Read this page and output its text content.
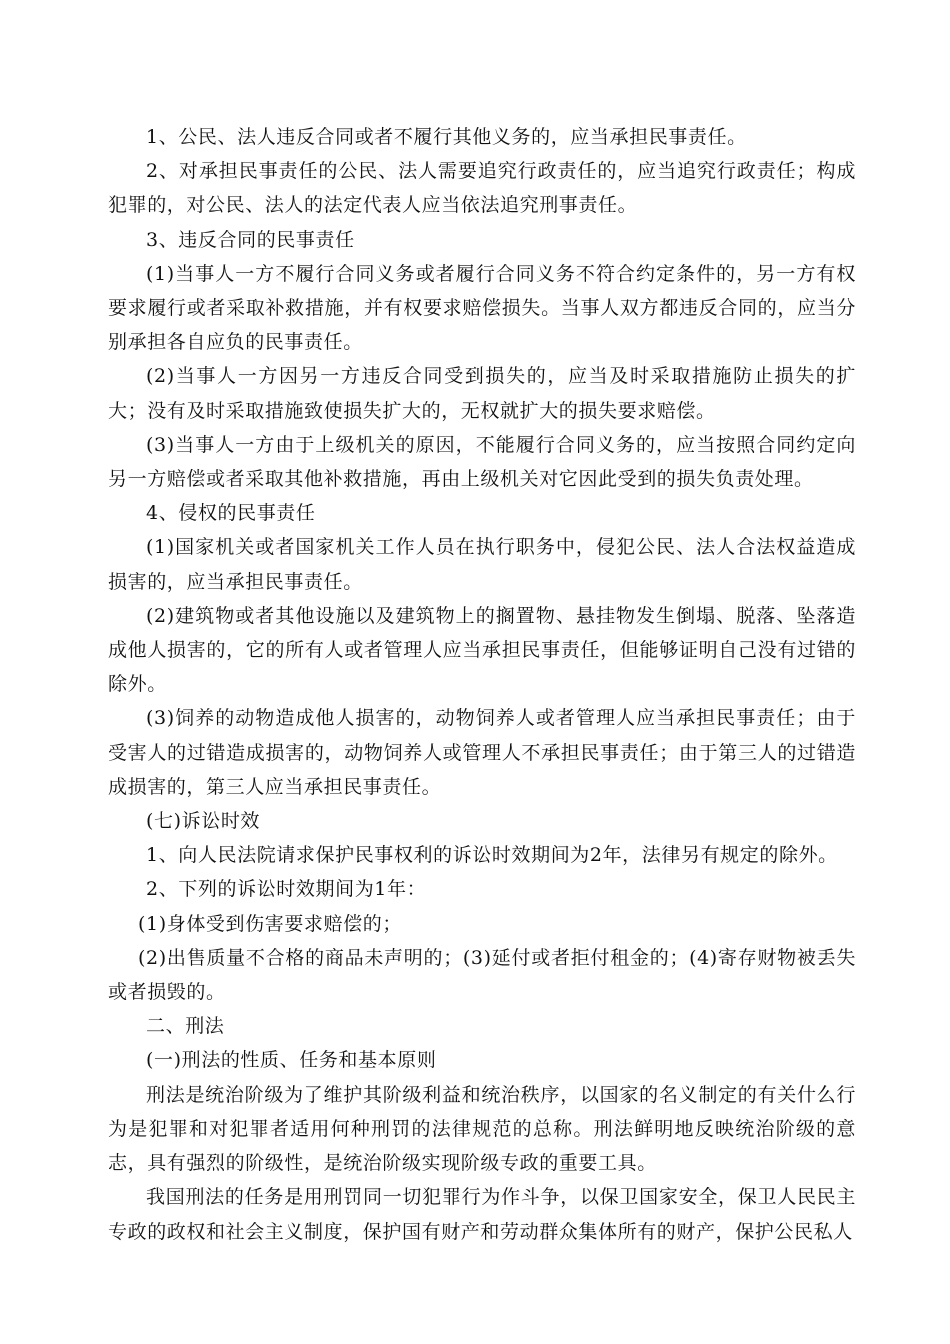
1、公民、法人违反合同或者不履行其他义务的，应当承担民事责任。

2、对承担民事责任的公民、法人需要追究行政责任的，应当追究行政责任；构成犯罪的，对公民、法人的法定代表人应当依法追究刑事责任。

3、违反合同的民事责任

(1)当事人一方不履行合同义务或者履行合同义务不符合约定条件的，另一方有权要求履行或者采取补救措施，并有权要求赔偿损失。当事人双方都违反合同的，应当分别承担各自应负的民事责任。

(2)当事人一方因另一方违反合同受到损失的，应当及时采取措施防止损失的扩大；没有及时采取措施致使损失扩大的，无权就扩大的损失要求赔偿。

(3)当事人一方由于上级机关的原因，不能履行合同义务的，应当按照合同约定向另一方赔偿或者采取其他补救措施，再由上级机关对它因此受到的损失负责处理。

4、侵权的民事责任

(1)国家机关或者国家机关工作人员在执行职务中，侵犯公民、法人合法权益造成损害的，应当承担民事责任。

(2)建筑物或者其他设施以及建筑物上的搁置物、悬挂物发生倒塌、脱落、坠落造成他人损害的，它的所有人或者管理人应当承担民事责任，但能够证明自己没有过错的除外。

(3)饲养的动物造成他人损害的，动物饲养人或者管理人应当承担民事责任；由于受害人的过错造成损害的，动物饲养人或管理人不承担民事责任；由于第三人的过错造成损害的，第三人应当承担民事责任。

(七)诉讼时效

1、向人民法院请求保护民事权利的诉讼时效期间为2年，法律另有规定的除外。

2、下列的诉讼时效期间为1年：

(1)身体受到伤害要求赔偿的；

(2)出售质量不合格的商品未声明的；(3)延付或者拒付租金的；(4)寄存财物被丢失或者损毁的。

二、刑法

(一)刑法的性质、任务和基本原则

刑法是统治阶级为了维护其阶级利益和统治秩序，以国家的名义制定的有关什么行为是犯罪和对犯罪者适用何种刑罚的法律规范的总称。刑法鲜明地反映统治阶级的意志，具有强烈的阶级性，是统治阶级实现阶级专政的重要工具。

我国刑法的任务是用刑罚同一切犯罪行为作斗争，以保卫国家安全，保卫人民民主专政的政权和社会主义制度，保护国有财产和劳动群众集体所有的财产，保护公民私人
